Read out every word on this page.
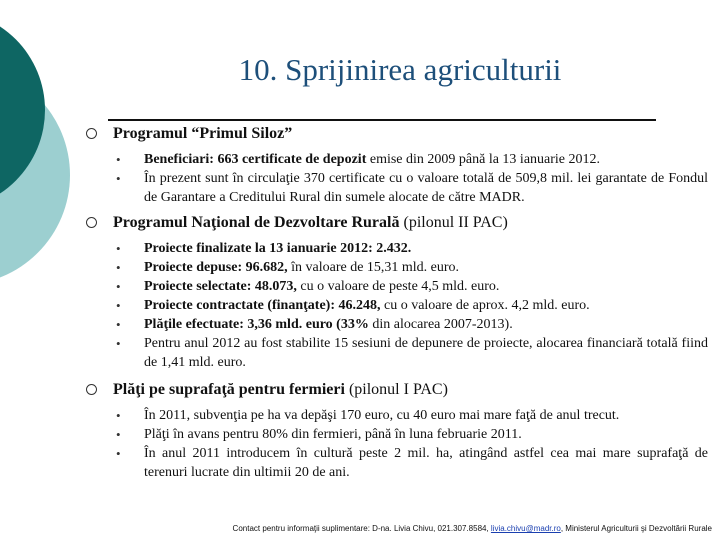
10. Sprijinirea agriculturii

Programul “Primul Siloz”

• Beneficiari: 663 certificate de depozit emise din 2009 până la 13 ianuarie 2012.
• În prezent sunt în circulaţie 370 certificate cu o valoare totală de 509,8 mil. lei garantate de Fondul de Garantare a Creditului Rural din sumele alocate de către MADR.

Programul Naţional de Dezvoltare Rurală (pilonul II PAC)

• Proiecte finalizate la 13 ianuarie 2012: 2.432.
• Proiecte depuse: 96.682, în valoare de 15,31 mld. euro.
• Proiecte selectate: 48.073, cu o valoare de peste 4,5 mld. euro.
• Proiecte contractate (finanţate): 46.248, cu o valoare de aprox. 4,2 mld. euro.
• Plăţile efectuate: 3,36 mld. euro (33% din alocarea 2007-2013).
• Pentru anul 2012 au fost stabilite 15 sesiuni de depunere de proiecte, alocarea financiară totală fiind de 1,41 mld. euro.

Plăţi pe suprafaţă pentru fermieri (pilonul I PAC)

• În 2011, subvenţia pe ha va depăşi 170 euro, cu 40 euro mai mare faţă de anul trecut.
• Plăţi în avans pentru 80% din fermieri, până în luna februarie 2011.
• În anul 2011 introducem în cultură peste 2 mil. ha, atingând astfel cea mai mare suprafaţă de terenuri lucrate din ultimii 20 de ani.
Contact pentru informaţii suplimentare: D-na. Livia Chivu, 021.307.8584, livia.chivu@madr.ro, Ministerul Agriculturii şi Dezvoltării Rurale
